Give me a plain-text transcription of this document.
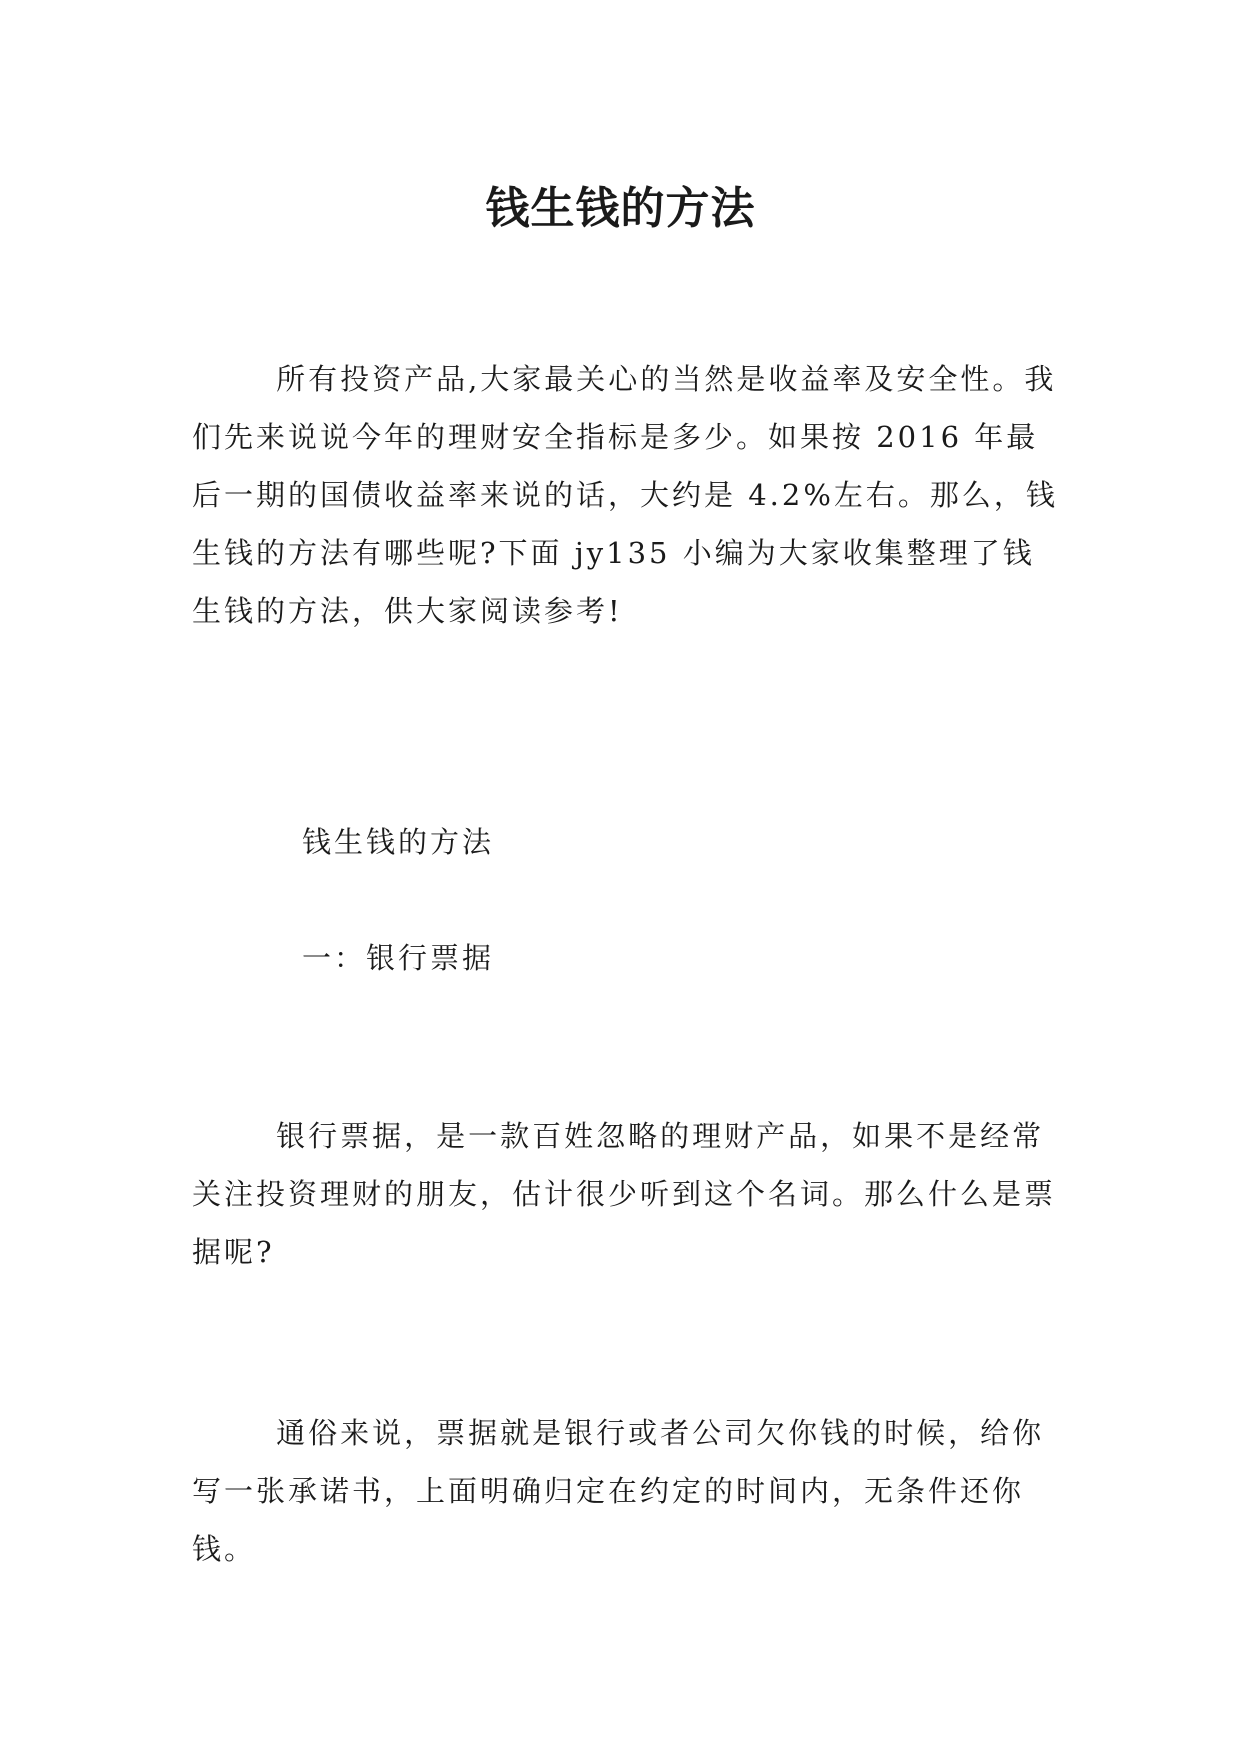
钱生钱的方法

所有投资产品,大家最关心的当然是收益率及安全性。我们先来说说今年的理财安全指标是多少。如果按 2016 年最后一期的国债收益率来说的话，大约是 4.2%左右。那么，钱生钱的方法有哪些呢?下面 jy135 小编为大家收集整理了钱生钱的方法，供大家阅读参考!

钱生钱的方法

一：银行票据

银行票据，是一款百姓忽略的理财产品，如果不是经常关注投资理财的朋友，估计很少听到这个名词。那么什么是票据呢?

通俗来说，票据就是银行或者公司欠你钱的时候，给你写一张承诺书，上面明确归定在约定的时间内，无条件还你钱。
